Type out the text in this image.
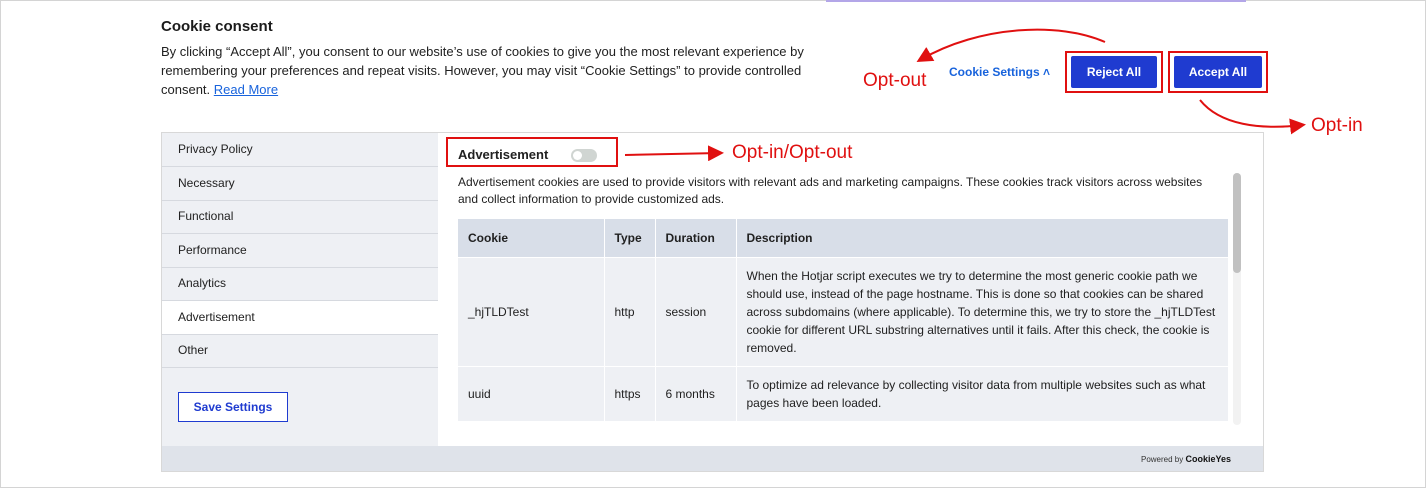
Cookie consent
By clicking “Accept All”, you consent to our website’s use of cookies to give you the most relevant experience by remembering your preferences and repeat visits. However, you may visit “Cookie Settings” to provide controlled consent. Read More
Cookie Settings ˄	Reject All	Accept All
Privacy Policy
Necessary
Functional
Performance
Analytics
Advertisement
Other
Save Settings
Advertisement
Advertisement cookies are used to provide visitors with relevant ads and marketing campaigns. These cookies track visitors across websites and collect information to provide customized ads.
Cookie	Type	Duration	Description
_hjTLDTest	http	session	When the Hotjar script executes we try to determine the most generic cookie path we should use, instead of the page hostname. This is done so that cookies can be shared across subdomains (where applicable). To determine this, we try to store the _hjTLDTest cookie for different URL substring alternatives until it fails. After this check, the cookie is removed.
uuid	https	6 months	To optimize ad relevance by collecting visitor data from multiple websites such as what pages have been loaded.
Powered by CookieYes
Opt-out
Opt-in
Opt-in/Opt-out
